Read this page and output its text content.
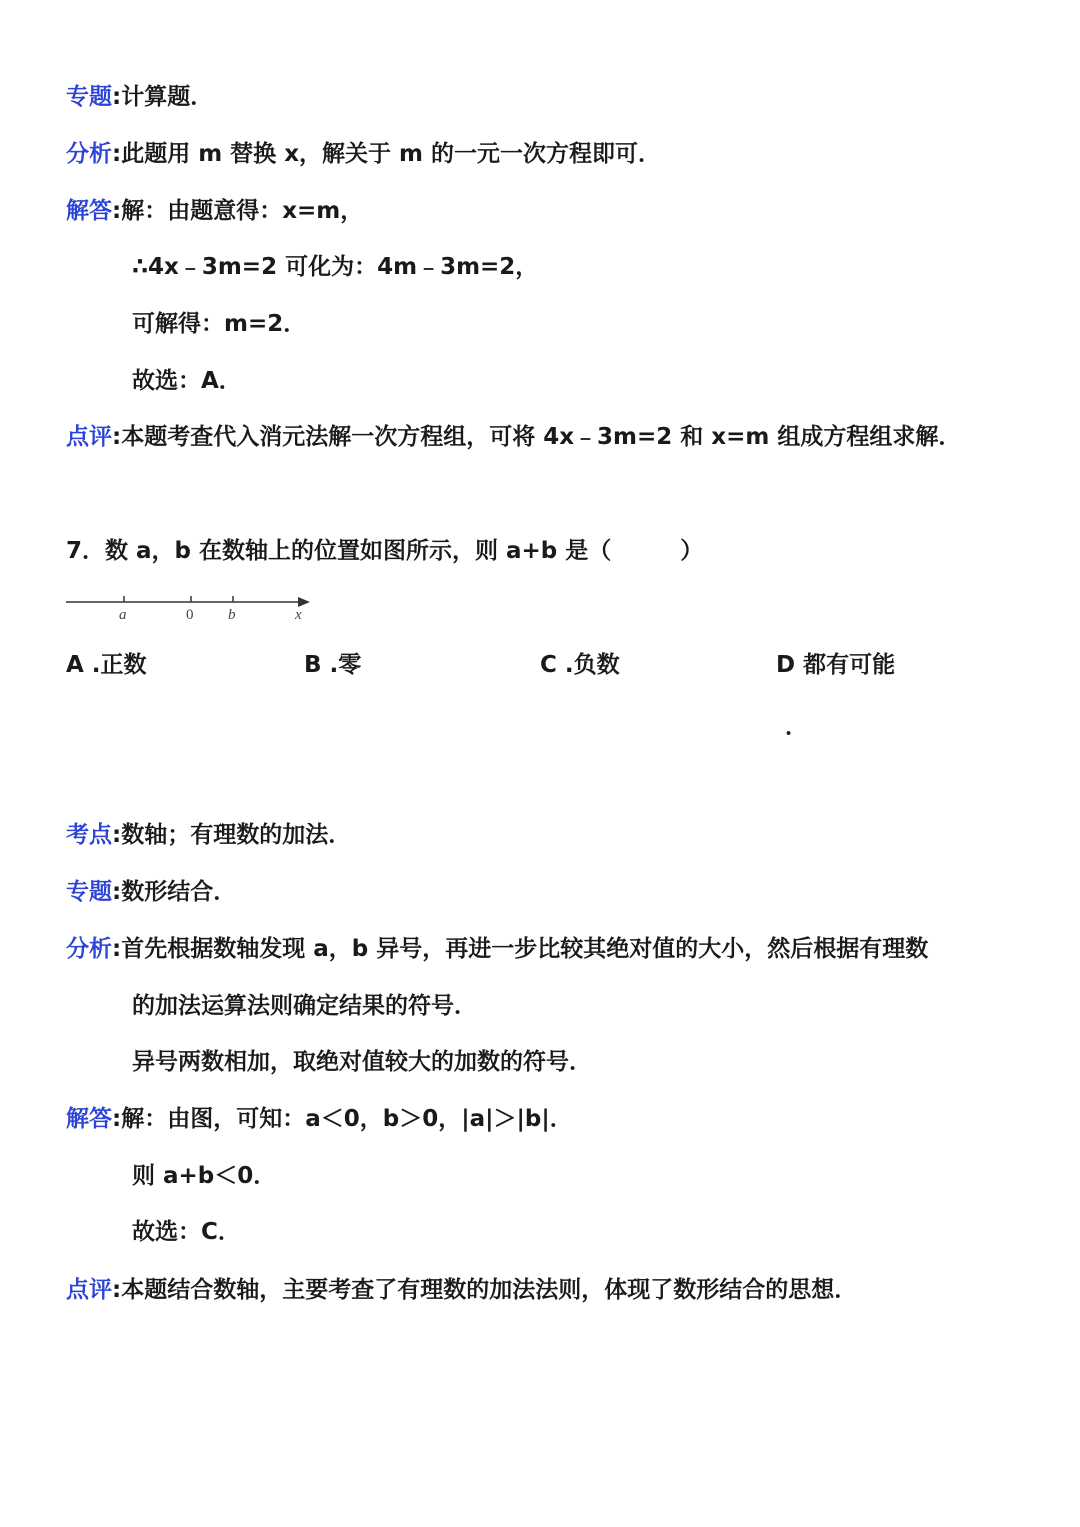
专题:计算题．
分析:此题用 m 替换 x，解关于 m 的一元一次方程即可．
解答:解：由题意得：x=m，
∴4x﹣3m=2 可化为：4m﹣3m=2，
可解得：m=2．
故选：A．
点评:本题考查代入消元法解一次方程组，可将 4x﹣3m=2 和 x=m 组成方程组求解．
7．数 a，b 在数轴上的位置如图所示，则 a+b 是（　　　）
a	0 b	x
A .正数	B .零	C .负数	D 都有可能
．
考点:数轴；有理数的加法．
专题:数形结合．
分析:首先根据数轴发现 a，b 异号，再进一步比较其绝对值的大小，然后根据有理数
的加法运算法则确定结果的符号．
异号两数相加，取绝对值较大的加数的符号．
解答:解：由图，可知：a＜0，b＞0，|a|＞|b|．
则 a+b＜0．
故选：C．
点评:本题结合数轴，主要考查了有理数的加法法则，体现了数形结合的思想．
